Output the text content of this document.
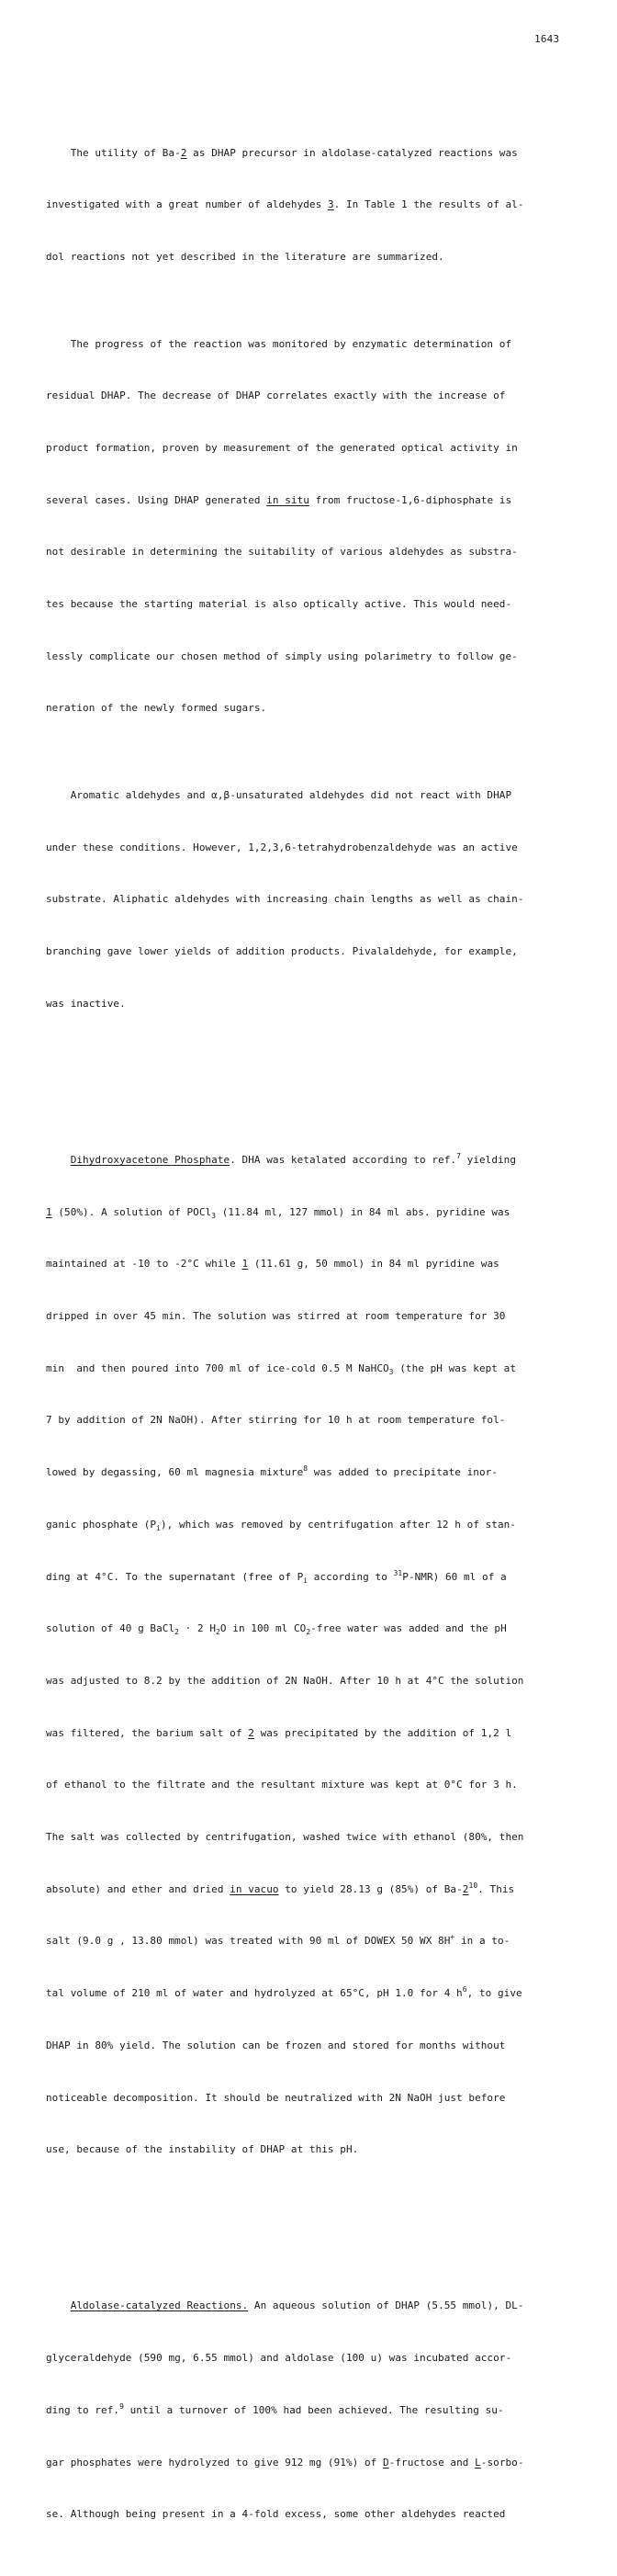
1643

The utility of Ba-2 as DHAP precursor in aldolase-catalyzed reactions was

investigated with a great number of aldehydes 3. In Table 1 the results of al-

dol reactions not yet described in the literature are summarized.

The progress of the reaction was monitored by enzymatic determination of

residual DHAP. The decrease of DHAP correlates exactly with the increase of

product formation, proven by measurement of the generated optical activity in

several cases. Using DHAP generated in situ from fructose-1,6-diphosphate is

not desirable in determining the suitability of various aldehydes as substra-

tes because the starting material is also optically active. This would need-

lessly complicate our chosen method of simply using polarimetry to follow ge-

neration of the newly formed sugars.

Aromatic aldehydes and α,β-unsaturated aldehydes did not react with DHAP

under these conditions. However, 1,2,3,6-tetrahydrobenzaldehyde was an active

substrate. Aliphatic aldehydes with increasing chain lengths as well as chain-

branching gave lower yields of addition products. Pivalaldehyde, for example,

was inactive.

Dihydroxyacetone Phosphate. DHA was ketalated according to ref.$^7$ yielding

1 (50%). A solution of POCl$_3$ (11.84 ml, 127 mmol) in 84 ml abs. pyridine was

maintained at -10 to -2°C while 1 (11.61 g, 50 mmol) in 84 ml pyridine was

dripped in over 45 min. The solution was stirred at room temperature for 30

min  and then poured into 700 ml of ice-cold 0.5 M NaHCO$_3$ (the pH was kept at

7 by addition of 2N NaOH). After stirring for 10 h at room temperature fol-

lowed by degassing, 60 ml magnesia mixture$^8$ was added to precipitate inor-

ganic phosphate $(P_i)$, which was removed by centrifugation after 12 h of stan-

ding at 4°C. To the supernatant (free of $P_i$ according to $^{31}$P-NMR) 60 ml of a

solution of 40 g BaCl$_2$ · 2 $H_2O$ in 100 ml $CO_2$-free water was added and the pH

was adjusted to 8.2 by the addition of 2N NaOH. After 10 h at 4°C the solution

was filtered, the barium salt of 2 was precipitated by the addition of 1,2 l

of ethanol to the filtrate and the resultant mixture was kept at 0°C for 3 h.

The salt was collected by centrifugation, washed twice with ethanol (80%, then

absolute) and ether and dried in vacuo to yield 28.13 g (85%) of $Ba-2^{10}$. This

salt (9.0 g , 13.80 mmol) was treated with 90 ml of DOWEX 50 WX 8H+ in a to-

tal volume of 210 ml of water and hydrolyzed at 65°C, pH 1.0 for 4 $h^6$, to give

DHAP in 80% yield. The solution can be frozen and stored for months without

noticeable decomposition. It should be neutralized with 2N NaOH just before

use, because of the instability of DHAP at this pH.

Aldolase-catalyzed Reactions. An aqueous solution of DHAP (5.55 mmol), DL-

glyceraldehyde (590 mg, 6.55 mmol) and aldolase (100 u) was incubated accor-

ding to ref.$^9$ until a turnover of 100% had been achieved. The resulting su-

gar phosphates were hydrolyzed to give 912 mg (91%) of D-fructose and L-sorbo-

se. Although being present in a 4-fold excess, some other aldehydes reacted
